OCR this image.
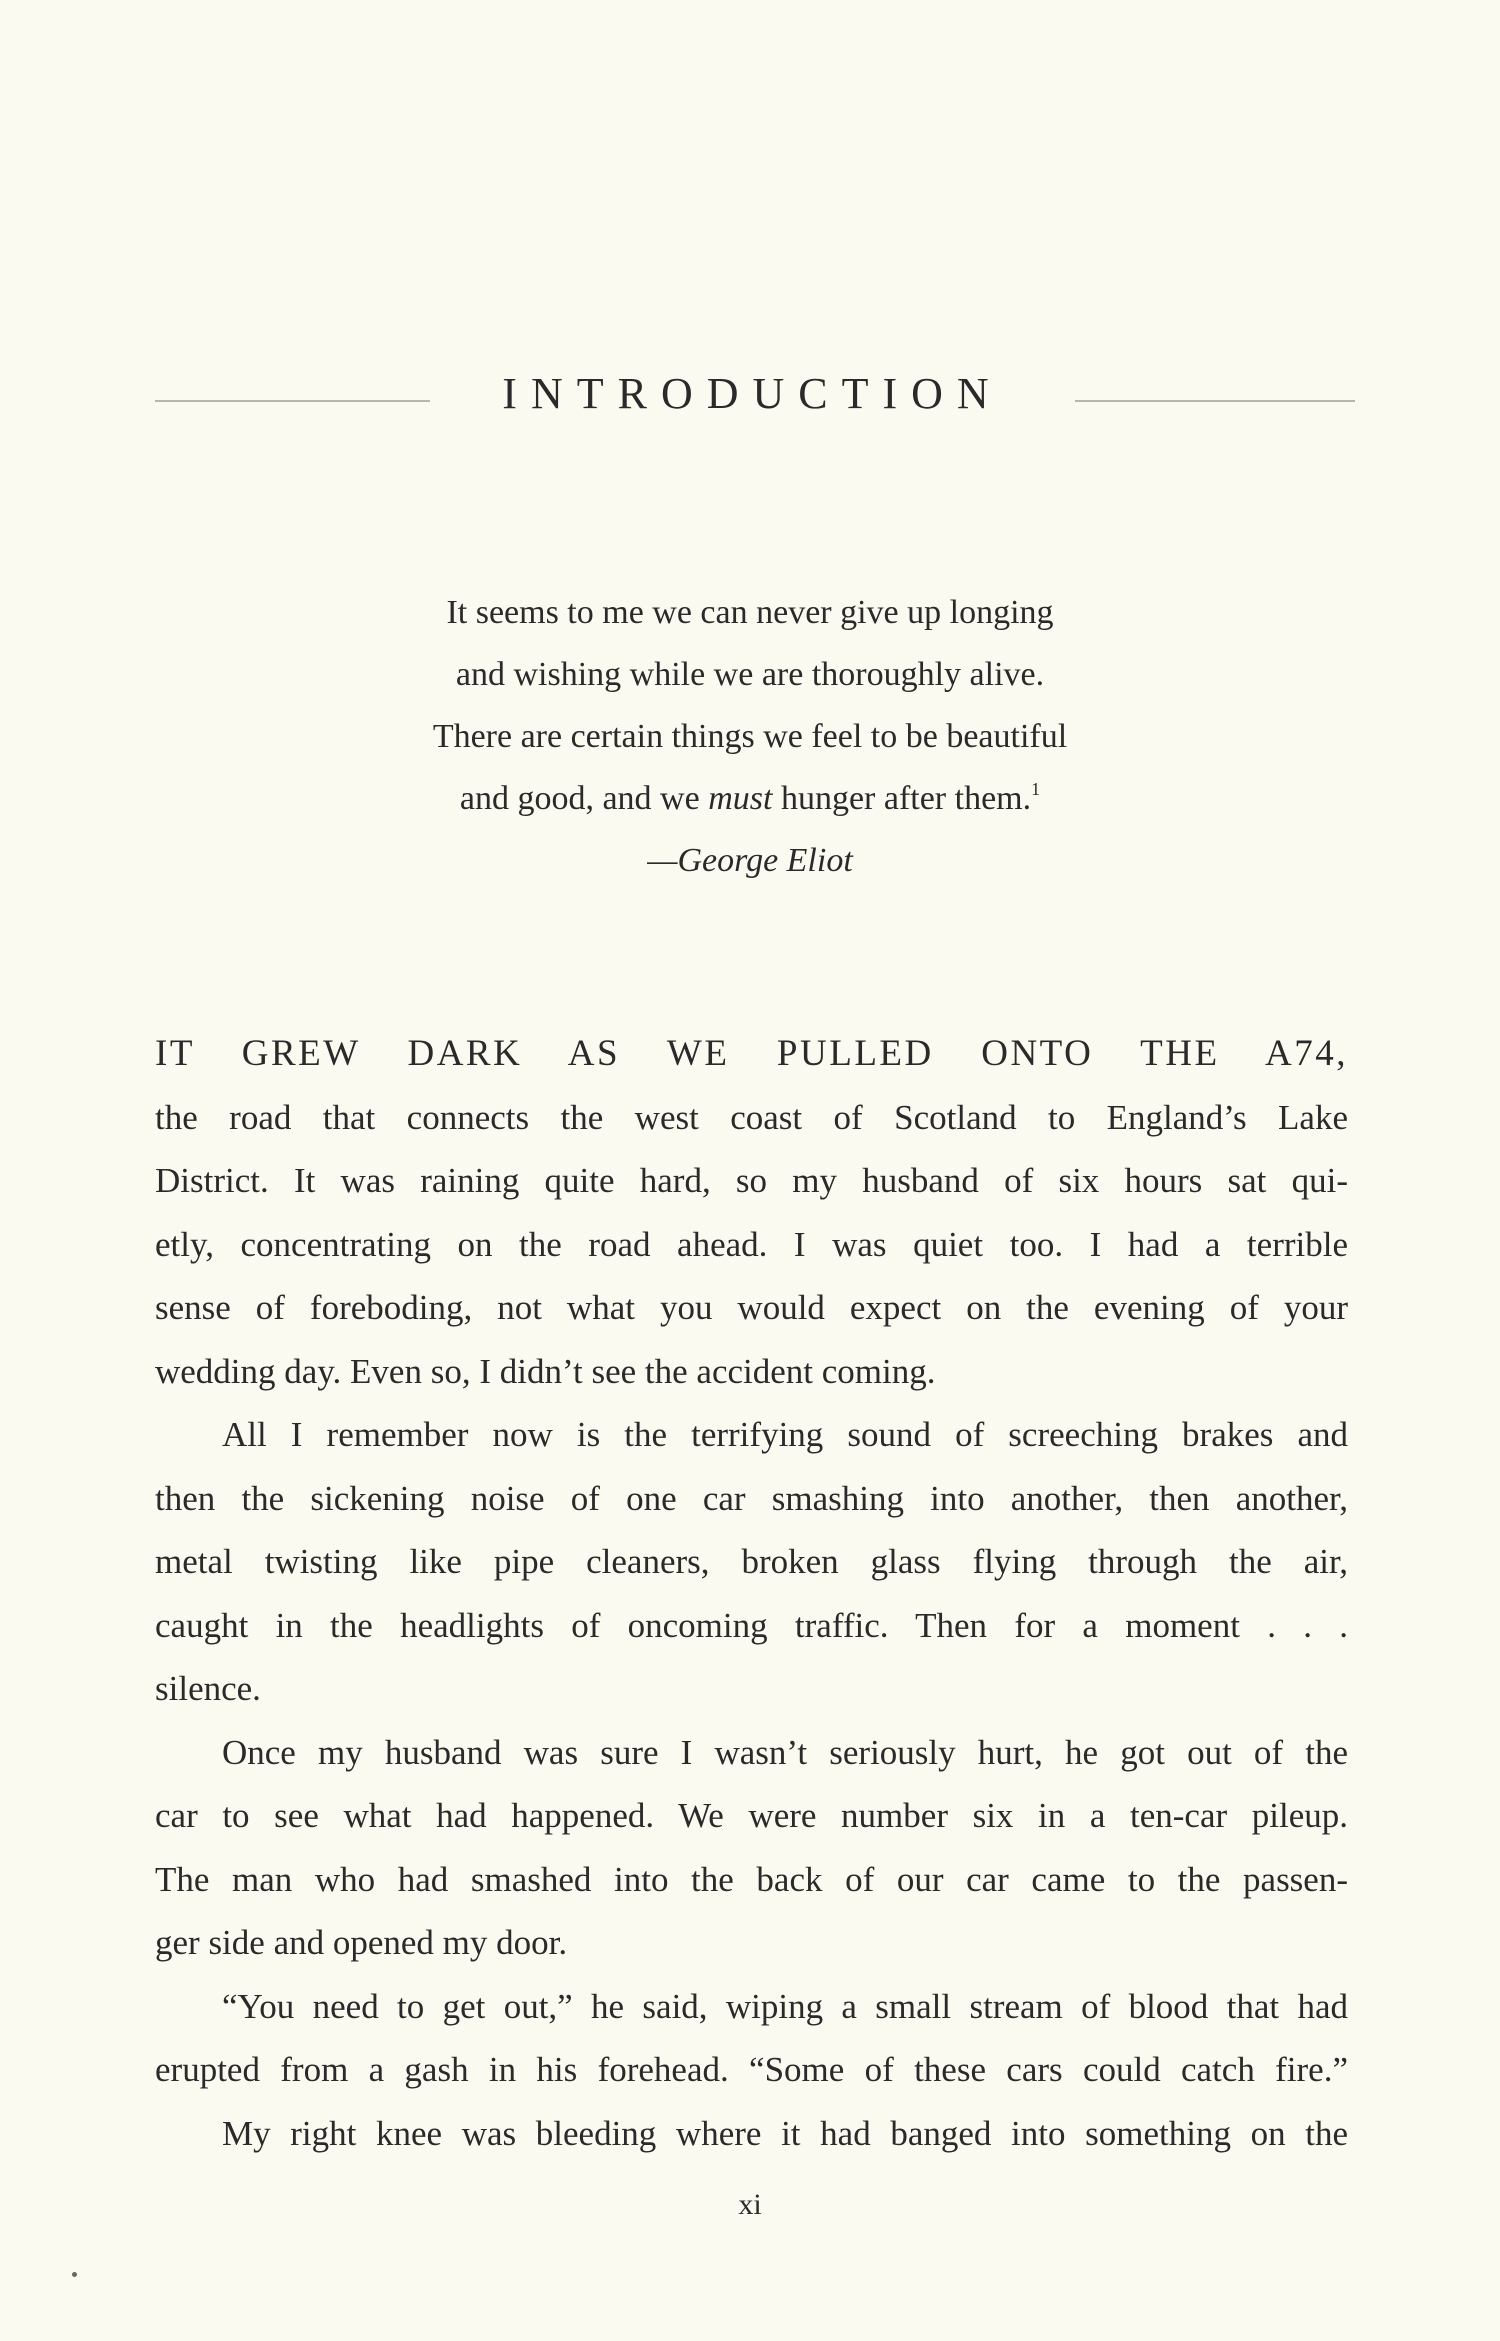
INTRODUCTION

It seems to me we can never give up longing

and wishing while we are thoroughly alive.

There are certain things we feel to be beautiful

and good, and we must hunger after them.$^1$

—George Eliot

IT GREW DARK AS WE PULLED ONTO THE A74,
the road that connects the west coast of Scotland to England’s Lake
District. It was raining quite hard, so my husband of six hours sat qui-
etly, concentrating on the road ahead. I was quiet too. I had a terrible
sense of foreboding, not what you would expect on the evening of your
wedding day. Even so, I didn’t see the accident coming.
All I remember now is the terrifying sound of screeching brakes and
then the sickening noise of one car smashing into another, then another,
metal twisting like pipe cleaners, broken glass flying through the air,
caught in the headlights of oncoming traffic. Then for a moment . . .
silence.
Once my husband was sure I wasn’t seriously hurt, he got out of the
car to see what had happened. We were number six in a ten-car pileup.
The man who had smashed into the back of our car came to the passen-
ger side and opened my door.
“You need to get out,” he said, wiping a small stream of blood that had
erupted from a gash in his forehead. “Some of these cars could catch fire.”
My right knee was bleeding where it had banged into something on the
xi
